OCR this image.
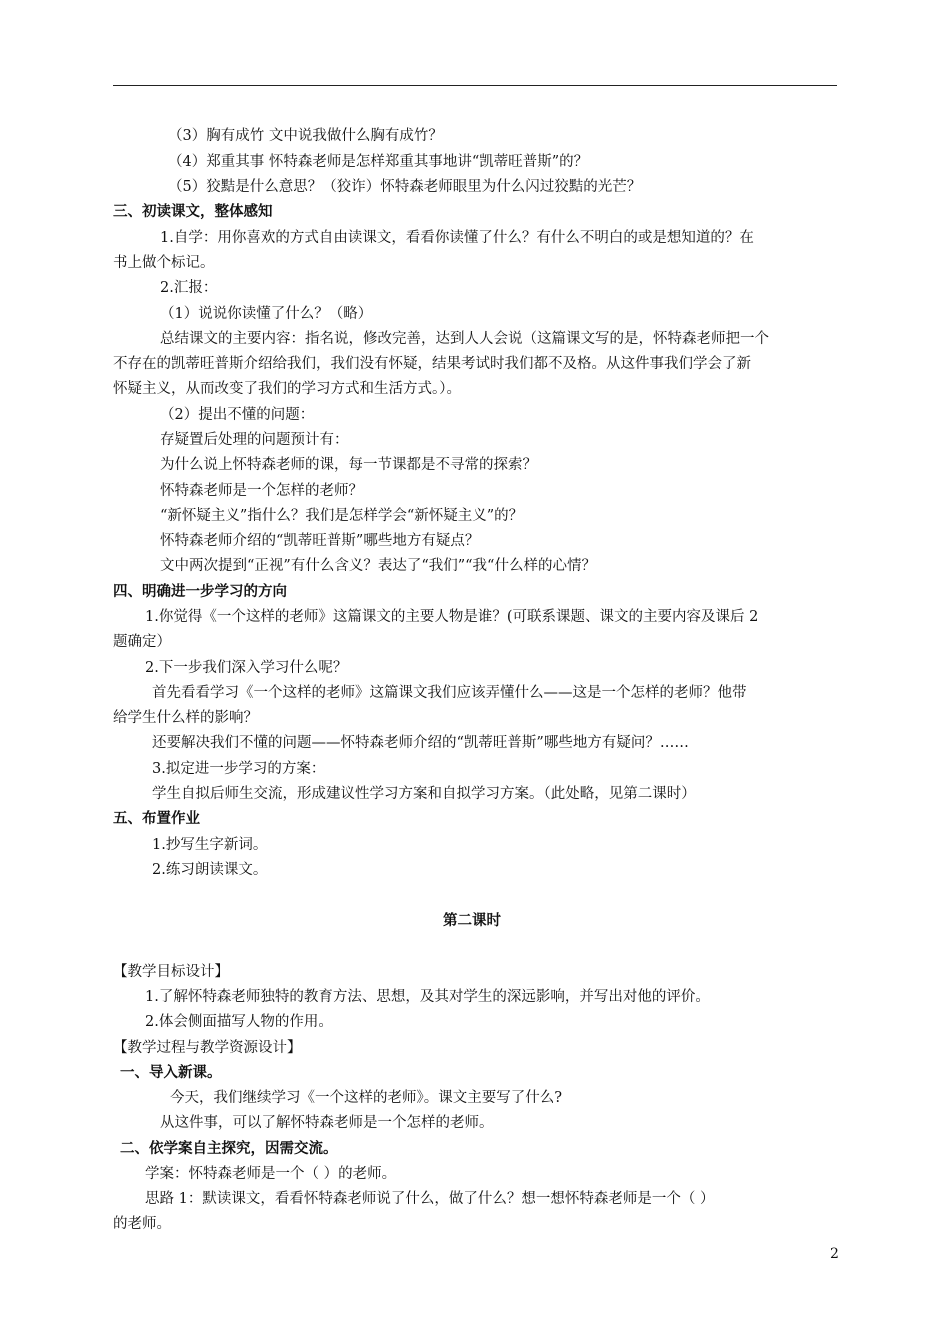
（3）胸有成竹 文中说我做什么胸有成竹？
（4）郑重其事 怀特森老师是怎样郑重其事地讲“凯蒂旺普斯”的？
（5）狡黠是什么意思？（狡诈）怀特森老师眼里为什么闪过狡黠的光芒？
三、初读课文，整体感知
1.自学：用你喜欢的方式自由读课文，看看你读懂了什么？有什么不明白的或是想知道的？在
书上做个标记。
2.汇报：
（1）说说你读懂了什么？（略）
总结课文的主要内容：指名说，修改完善，达到人人会说（这篇课文写的是，怀特森老师把一个
不存在的凯蒂旺普斯介绍给我们，我们没有怀疑，结果考试时我们都不及格。从这件事我们学会了新
怀疑主义，从而改变了我们的学习方式和生活方式。）。
（2）提出不懂的问题：
存疑置后处理的问题预计有：
为什么说上怀特森老师的课，每一节课都是不寻常的探索？
怀特森老师是一个怎样的老师？
“新怀疑主义”指什么？我们是怎样学会“新怀疑主义”的？
怀特森老师介绍的“凯蒂旺普斯”哪些地方有疑点？
文中两次提到“正视”有什么含义？表达了“我们”“我“什么样的心情？
四、明确进一步学习的方向
1.你觉得《一个这样的老师》这篇课文的主要人物是谁？(可联系课题、课文的主要内容及课后 2
题确定）
2.下一步我们深入学习什么呢？
首先看看学习《一个这样的老师》这篇课文我们应该弄懂什么——这是一个怎样的老师？他带
给学生什么样的影响？
还要解决我们不懂的问题——怀特森老师介绍的“凯蒂旺普斯”哪些地方有疑问？……
3.拟定进一步学习的方案：
学生自拟后师生交流，形成建议性学习方案和自拟学习方案。（此处略，见第二课时）
五、布置作业
1.抄写生字新词。
2.练习朗读课文。
第二课时
【教学目标设计】
1.了解怀特森老师独特的教育方法、思想，及其对学生的深远影响，并写出对他的评价。
2.体会侧面描写人物的作用。
【教学过程与教学资源设计】
一、导入新课。
今天，我们继续学习《一个这样的老师》。课文主要写了什么?
从这件事，可以了解怀特森老师是一个怎样的老师。
二、依学案自主探究，因需交流。
学案：怀特森老师是一个（ ）的老师。
思路 1：默读课文，看看怀特森老师说了什么，做了什么？想一想怀特森老师是一个（ ）
的老师。
2
